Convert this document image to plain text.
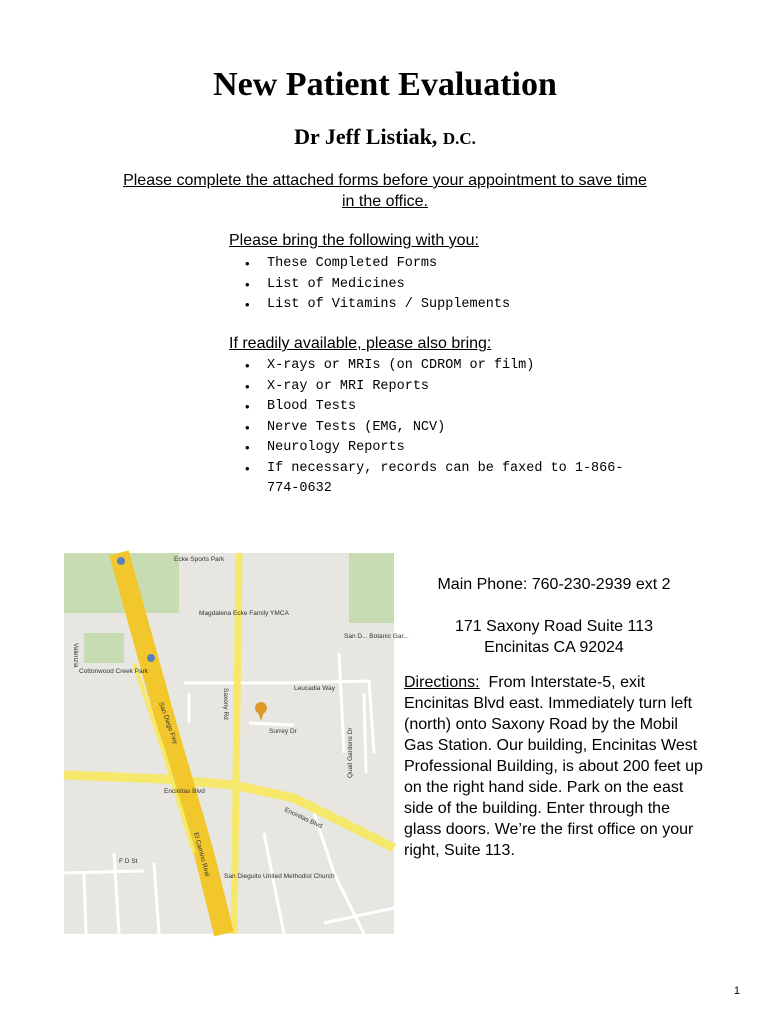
New Patient Evaluation
Dr Jeff Listiak, D.C.
Please complete the attached forms before your appointment to save time in the office.
Please bring the following with you:
• These Completed Forms
• List of Medicines
• List of Vitamins / Supplements
If readily available, please also bring:
• X-rays or MRIs (on CDROM or film)
• X-ray or MRI Reports
• Blood Tests
• Nerve Tests (EMG, NCV)
• Neurology Reports
• If necessary, records can be faxed to 1-866-774-0632
Ecke Sports Park
Magdalena Ecke Family YMCA
Cottonwood Creek Park
San D... Botanic Gar...
Leucadia Way
Surrey Dr
Encinitas Blvd
Encinitas Blvd
San Diego Fwy
El Camino Real
Saxony Rd
San Dieguito United Methodist Church
Quail Gardens Dr
Valenzia
F D St
Main Phone: 760-230-2939 ext 2
171 Saxony Road Suite 113
Encinitas CA 92024
Directions: From Interstate-5, exit Encinitas Blvd east. Immediately turn left (north) onto Saxony Road by the Mobil Gas Station. Our building, Encinitas West Professional Building, is about 200 feet up on the right hand side. Park on the east side of the building. Enter through the glass doors. We’re the first office on your right, Suite 113.
1
